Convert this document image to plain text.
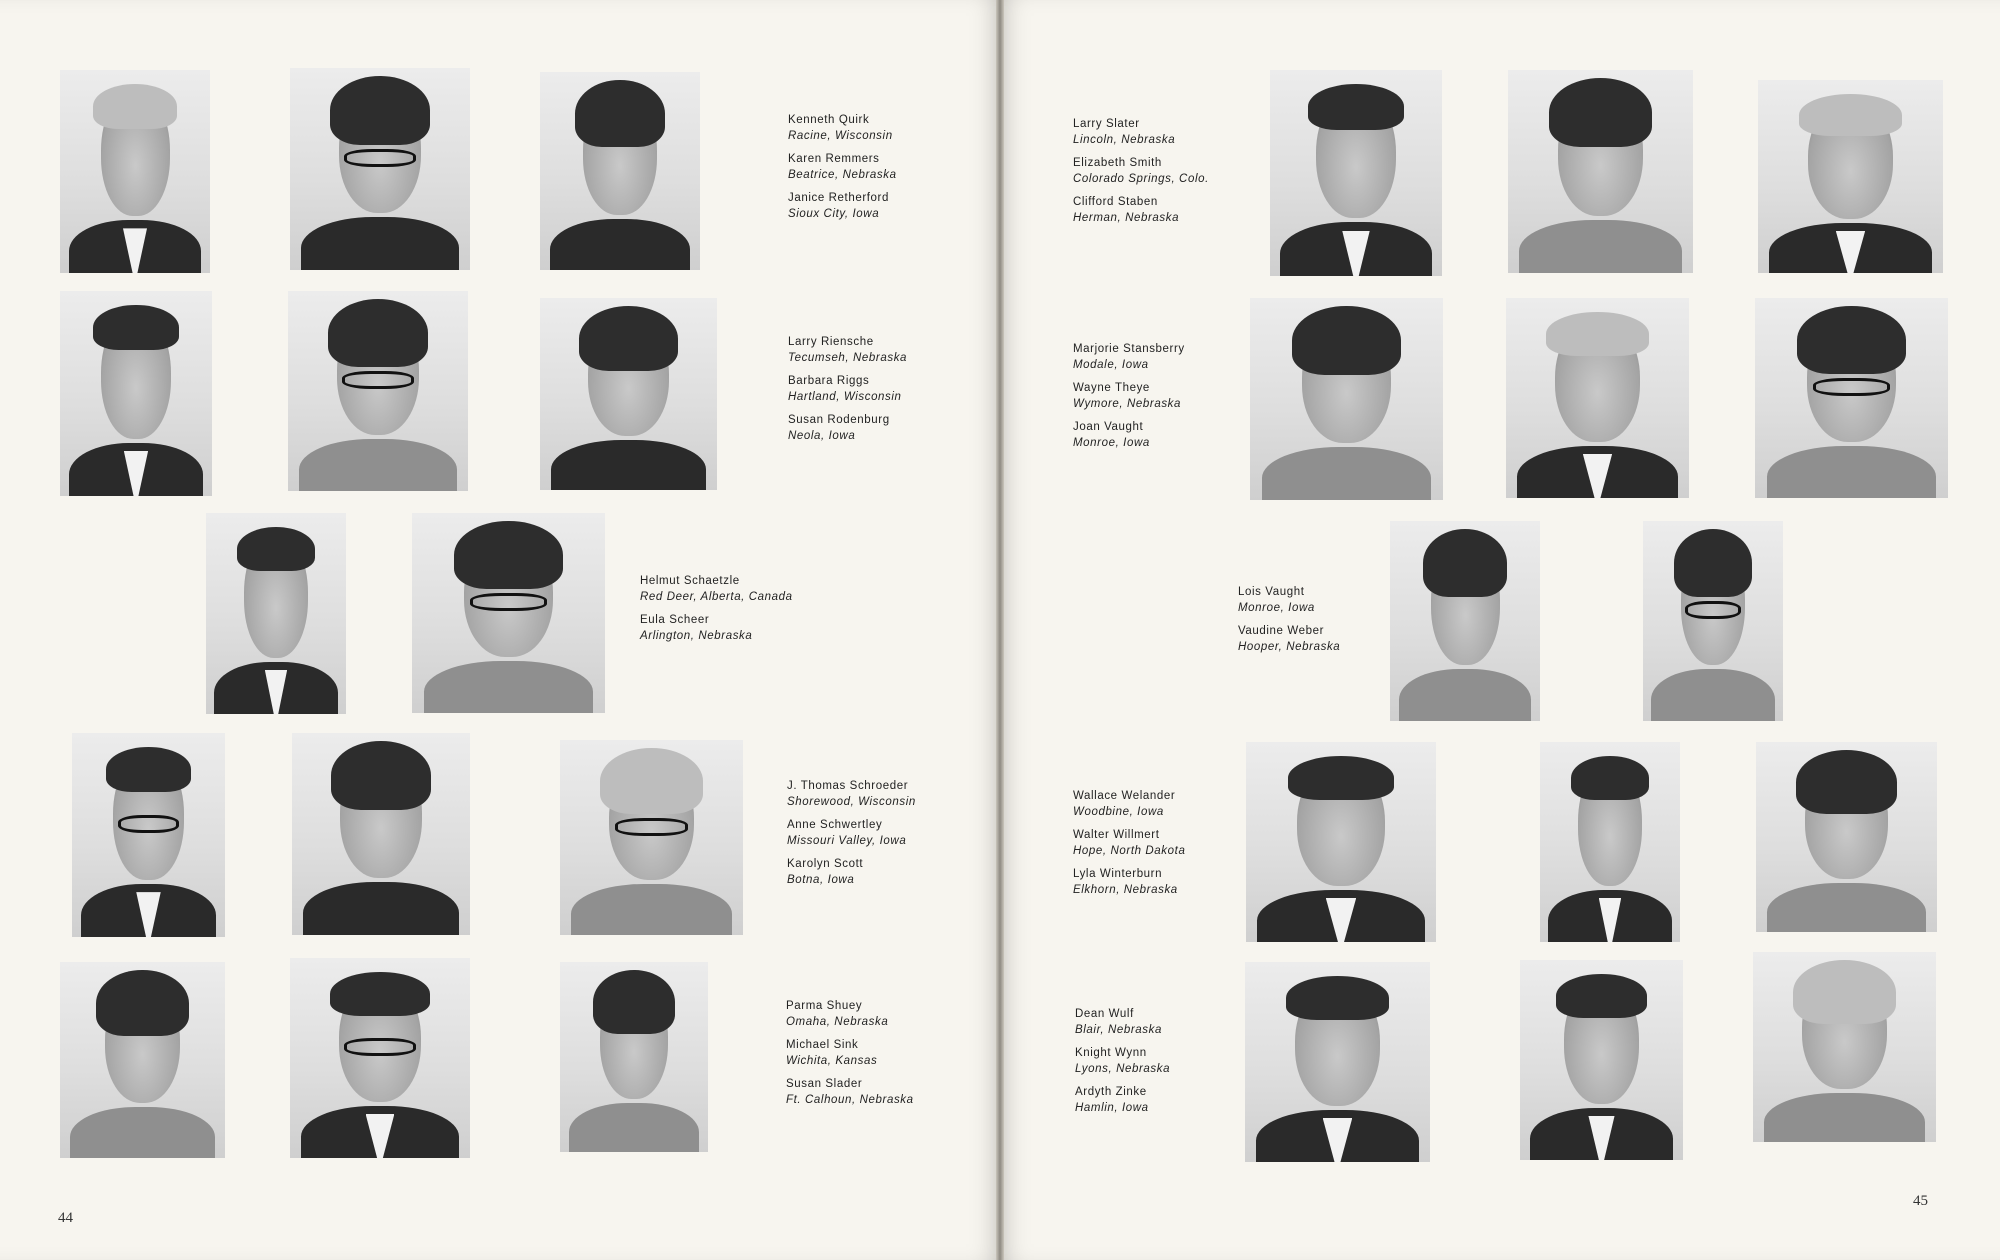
Kenneth Quirk
Racine, Wisconsin
Karen Remmers
Beatrice, Nebraska
Janice Retherford
Sioux City, Iowa
Larry Riensche
Tecumseh, Nebraska
Barbara Riggs
Hartland, Wisconsin
Susan Rodenburg
Neola, Iowa
Helmut Schaetzle
Red Deer, Alberta, Canada
Eula Scheer
Arlington, Nebraska
J. Thomas Schroeder
Shorewood, Wisconsin
Anne Schwertley
Missouri Valley, Iowa
Karolyn Scott
Botna, Iowa
Parma Shuey
Omaha, Nebraska
Michael Sink
Wichita, Kansas
Susan Slader
Ft. Calhoun, Nebraska
Larry Slater
Lincoln, Nebraska
Elizabeth Smith
Colorado Springs, Colo.
Clifford Staben
Herman, Nebraska
Marjorie Stansberry
Modale, Iowa
Wayne Theye
Wymore, Nebraska
Joan Vaught
Monroe, Iowa
Lois Vaught
Monroe, Iowa
Vaudine Weber
Hooper, Nebraska
Wallace Welander
Woodbine, Iowa
Walter Willmert
Hope, North Dakota
Lyla Winterburn
Elkhorn, Nebraska
Dean Wulf
Blair, Nebraska
Knight Wynn
Lyons, Nebraska
Ardyth Zinke
Hamlin, Iowa
44
45
